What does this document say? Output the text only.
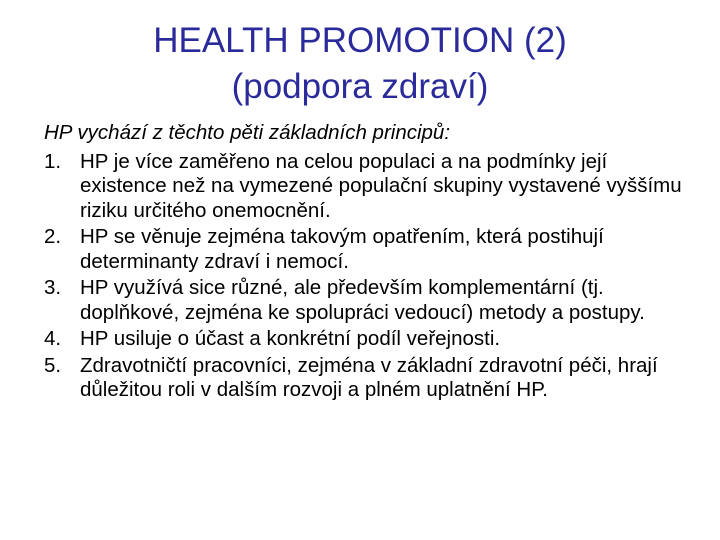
HEALTH PROMOTION (2)
(podpora zdraví)

HP vychází z těchto pěti základních principů:

1. HP je více zaměřeno na celou populaci a na podmínky její existence než na vymezené populační skupiny vystavené vyššímu riziku určitého onemocnění.
2. HP se věnuje zejména takovým opatřením, která postihují determinanty zdraví i nemocí.
3. HP využívá sice různé, ale především komplementární (tj. doplňkové, zejména ke spolupráci vedoucí) metody a postupy.
4. HP usiluje o účast a konkrétní podíl veřejnosti.
5. Zdravotničtí pracovníci, zejména v základní zdravotní péči, hrají důležitou roli v dalším rozvoji a plném uplatnění HP.
